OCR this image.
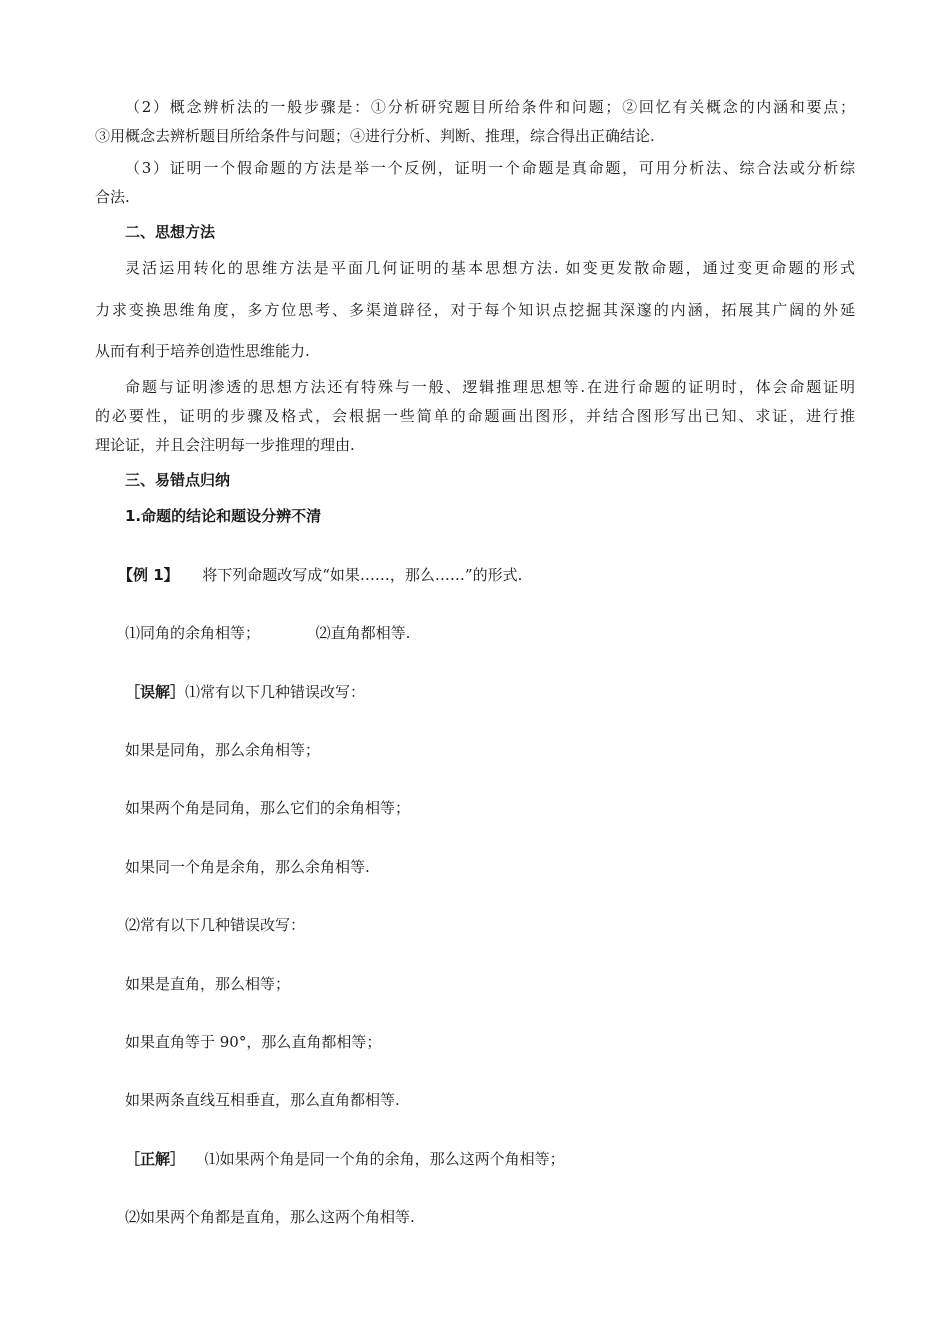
（2）概念辨析法的一般步骤是：①分析研究题目所给条件和问题；②回忆有关概念的内涵和要点；
③用概念去辨析题目所给条件与问题；④进行分析、判断、推理，综合得出正确结论.
（3）证明一个假命题的方法是举一个反例，证明一个命题是真命题，可用分析法、综合法或分析综
合法.
二、思想方法
灵活运用转化的思维方法是平面几何证明的基本思想方法. 如变更发散命题，通过变更命题的形式
力求变换思维角度，多方位思考、多渠道辟径，对于每个知识点挖掘其深邃的内涵，拓展其广阔的外延
从而有利于培养创造性思维能力.
命题与证明渗透的思想方法还有特殊与一般、逻辑推理思想等.在进行命题的证明时，体会命题证明
的必要性，证明的步骤及格式，会根据一些简单的命题画出图形，并结合图形写出已知、求证，进行推
理论证，并且会注明每一步推理的理由.
三、易错点归纳
1.命题的结论和题设分辨不清
【例 1】 将下列命题改写成“如果……，那么……”的形式.
⑴同角的余角相等；	⑵直角都相等.
［误解］⑴常有以下几种错误改写：
如果是同角，那么余角相等；
如果两个角是同角，那么它们的余角相等；
如果同一个角是余角，那么余角相等.
⑵常有以下几种错误改写：
如果是直角，那么相等；
如果直角等于 90°，那么直角都相等；
如果两条直线互相垂直，那么直角都相等.
［正解］ ⑴如果两个角是同一个角的余角，那么这两个角相等；
⑵如果两个角都是直角，那么这两个角相等.
